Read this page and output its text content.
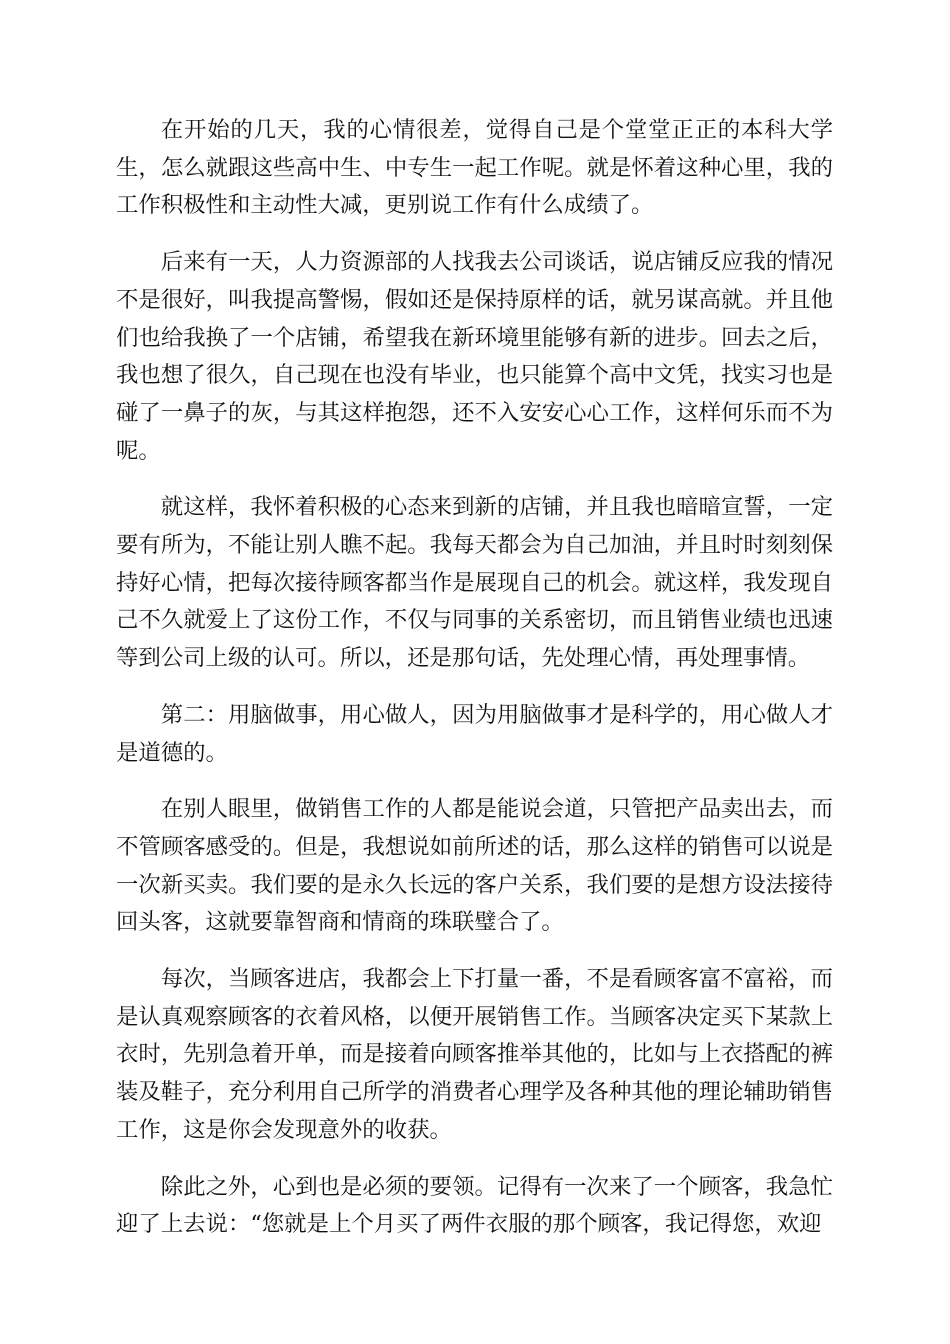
在开始的几天，我的心情很差，觉得自己是个堂堂正正的本科大学生，怎么就跟这些高中生、中专生一起工作呢。就是怀着这种心里，我的工作积极性和主动性大减，更别说工作有什么成绩了。

后来有一天，人力资源部的人找我去公司谈话，说店铺反应我的情况不是很好，叫我提高警惕，假如还是保持原样的话，就另谋高就。并且他们也给我换了一个店铺，希望我在新环境里能够有新的进步。回去之后，我也想了很久，自己现在也没有毕业，也只能算个高中文凭，找实习也是碰了一鼻子的灰，与其这样抱怨，还不入安安心心工作，这样何乐而不为呢。

就这样，我怀着积极的心态来到新的店铺，并且我也暗暗宣誓，一定要有所为，不能让别人瞧不起。我每天都会为自己加油，并且时时刻刻保持好心情，把每次接待顾客都当作是展现自己的机会。就这样，我发现自己不久就爱上了这份工作，不仅与同事的关系密切，而且销售业绩也迅速等到公司上级的认可。所以，还是那句话，先处理心情，再处理事情。

第二：用脑做事，用心做人，因为用脑做事才是科学的，用心做人才是道德的。

在别人眼里，做销售工作的人都是能说会道，只管把产品卖出去，而不管顾客感受的。但是，我想说如前所述的话，那么这样的销售可以说是一次新买卖。我们要的是永久长远的客户关系，我们要的是想方设法接待回头客，这就要靠智商和情商的珠联璧合了。

每次，当顾客进店，我都会上下打量一番，不是看顾客富不富裕，而是认真观察顾客的衣着风格，以便开展销售工作。当顾客决定买下某款上衣时，先别急着开单，而是接着向顾客推举其他的，比如与上衣搭配的裤装及鞋子，充分利用自己所学的消费者心理学及各种其他的理论辅助销售工作，这是你会发现意外的收获。

除此之外，心到也是必须的要领。记得有一次来了一个顾客，我急忙迎了上去说：“您就是上个月买了两件衣服的那个顾客，我记得您，欢迎
